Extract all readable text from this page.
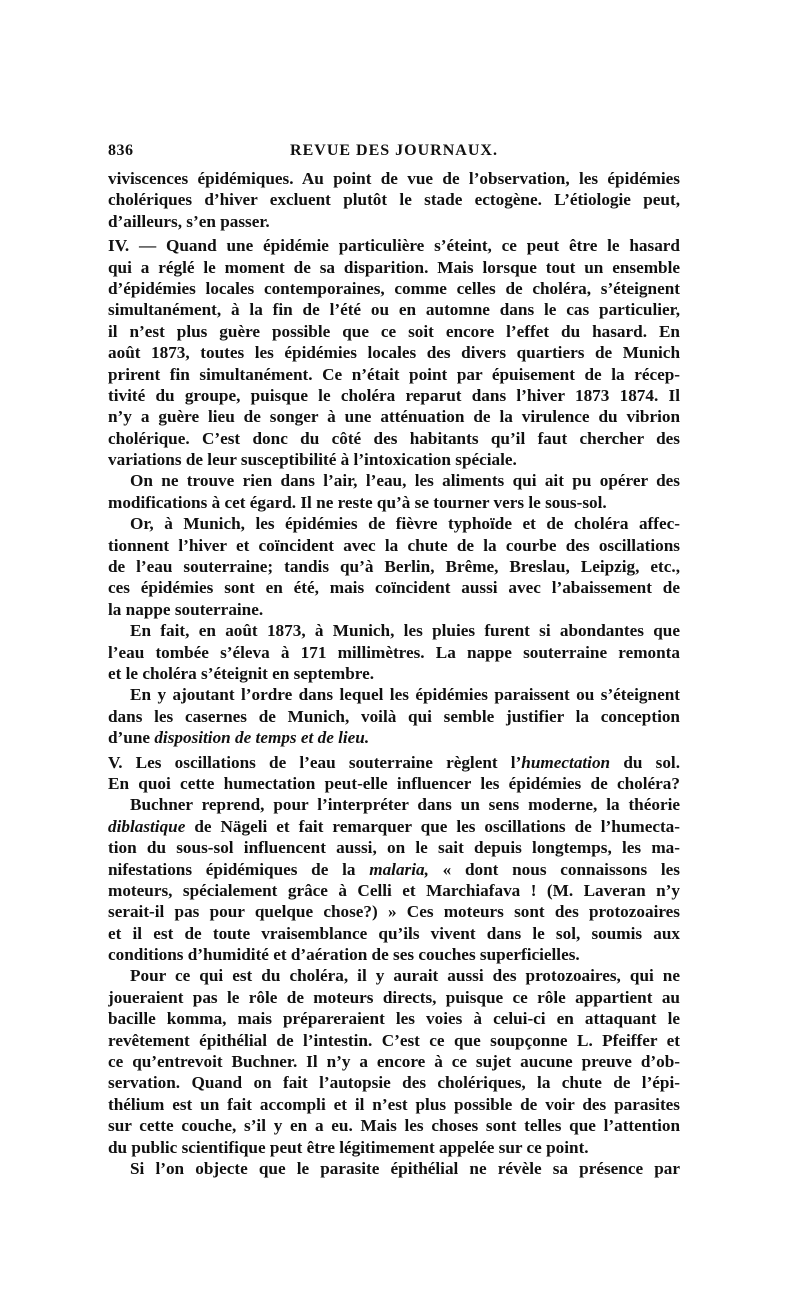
836	REVUE DES JOURNAUX.
viviscences épidémiques. Au point de vue de l’observation, les épidémies
cholériques d’hiver excluent plutôt le stade ectogène. L’étiologie peut,
d’ailleurs, s’en passer.
IV. — Quand une épidémie particulière s’éteint, ce peut être le hasard
qui a réglé le moment de sa disparition. Mais lorsque tout un ensemble
d’épidémies locales contemporaines, comme celles de choléra, s’éteignent
simultanément, à la fin de l’été ou en automne dans le cas particulier,
il n’est plus guère possible que ce soit encore l’effet du hasard. En
août 1873, toutes les épidémies locales des divers quartiers de Munich
prirent fin simultanément. Ce n’était point par épuisement de la récep-
tivité du groupe, puisque le choléra reparut dans l’hiver 1873 1874. Il
n’y a guère lieu de songer à une atténuation de la virulence du vibrion
cholérique. C’est donc du côté des habitants qu’il faut chercher des
variations de leur susceptibilité à l’intoxication spéciale.
On ne trouve rien dans l’air, l’eau, les aliments qui ait pu opérer des
modifications à cet égard. Il ne reste qu’à se tourner vers le sous-sol.
Or, à Munich, les épidémies de fièvre typhoïde et de choléra affec-
tionnent l’hiver et coïncident avec la chute de la courbe des oscillations
de l’eau souterraine; tandis qu’à Berlin, Brême, Breslau, Leipzig, etc.,
ces épidémies sont en été, mais coïncident aussi avec l’abaissement de
la nappe souterraine.
En fait, en août 1873, à Munich, les pluies furent si abondantes que
l’eau tombée s’éleva à 171 millimètres. La nappe souterraine remonta
et le choléra s’éteignit en septembre.
En y ajoutant l’ordre dans lequel les épidémies paraissent ou s’éteignent
dans les casernes de Munich, voilà qui semble justifier la conception
d’une disposition de temps et de lieu.
V. Les oscillations de l’eau souterraine règlent l’humectation du sol.
En quoi cette humectation peut-elle influencer les épidémies de choléra?
Buchner reprend, pour l’interpréter dans un sens moderne, la théorie
diblastique de Nägeli et fait remarquer que les oscillations de l’humecta-
tion du sous-sol influencent aussi, on le sait depuis longtemps, les ma-
nifestations épidémiques de la malaria, « dont nous connaissons les
moteurs, spécialement grâce à Celli et Marchiafava ! (M. Laveran n’y
serait-il pas pour quelque chose?) » Ces moteurs sont des protozoaires
et il est de toute vraisemblance qu’ils vivent dans le sol, soumis aux
conditions d’humidité et d’aération de ses couches superficielles.
Pour ce qui est du choléra, il y aurait aussi des protozoaires, qui ne
joueraient pas le rôle de moteurs directs, puisque ce rôle appartient au
bacille komma, mais prépareraient les voies à celui-ci en attaquant le
revêtement épithélial de l’intestin. C’est ce que soupçonne L. Pfeiffer et
ce qu’entrevoit Buchner. Il n’y a encore à ce sujet aucune preuve d’ob-
servation. Quand on fait l’autopsie des cholériques, la chute de l’épi-
thélium est un fait accompli et il n’est plus possible de voir des parasites
sur cette couche, s’il y en a eu. Mais les choses sont telles que l’attention
du public scientifique peut être légitimement appelée sur ce point.
Si l’on objecte que le parasite épithélial ne révèle sa présence par
